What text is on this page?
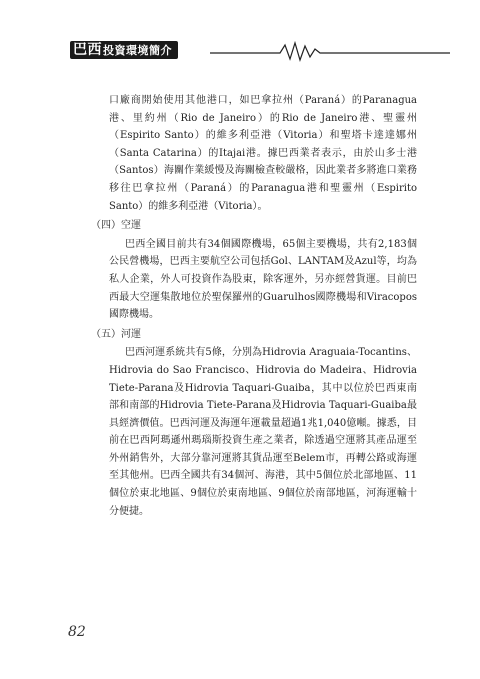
巴西投資環境簡介

口廠商開始使用其他港口，如巴拿拉州（Paraná）的Paranagua港、里約州（Rio de Janeiro）的Rio de Janeiro港、聖靈州（Espirito Santo）的維多利亞港（Vitoria）和聖塔卡達達娜州（Santa Catarina）的Itajai港。據巴西業者表示，由於山多士港（Santos）海關作業緩慢及海關檢查較嚴格，因此業者多將進口業務移往巴拿拉州（Paraná）的Paranagua港和聖靈州（Espirito Santo）的維多利亞港（Vitoria）。

（四）空運

巴西全國目前共有34個國際機場，65個主要機場，共有2,183個公民營機場，巴西主要航空公司包括Gol、LANTAM及Azul等，均為私人企業，外人可投資作為股東，除客運外，另亦經營貨運。目前巴西最大空運集散地位於聖保羅州的Guarulhos國際機場和Viracopos國際機場。

（五）河運

巴西河運系統共有5條，分別為Hidrovia Araguaia-Tocantins、Hidrovia do Sao Francisco、Hidrovia do Madeira、Hidrovia Tiete-Parana及Hidrovia Taquari-Guaiba，其中以位於巴西東南部和南部的Hidrovia Tiete-Parana及Hidrovia Taquari-Guaiba最具經濟價值。巴西河運及海運年運載量超過1兆1,040億噸。據悉，目前在巴西阿瑪遜州瑪瑙斯投資生產之業者，除透過空運將其產品運至外州銷售外，大部分靠河運將其貨品運至Belem市，再轉公路或海運至其他州。巴西全國共有34個河、海港，其中5個位於北部地區、11個位於東北地區、9個位於東南地區、9個位於南部地區，河海運輸十分便捷。

82
